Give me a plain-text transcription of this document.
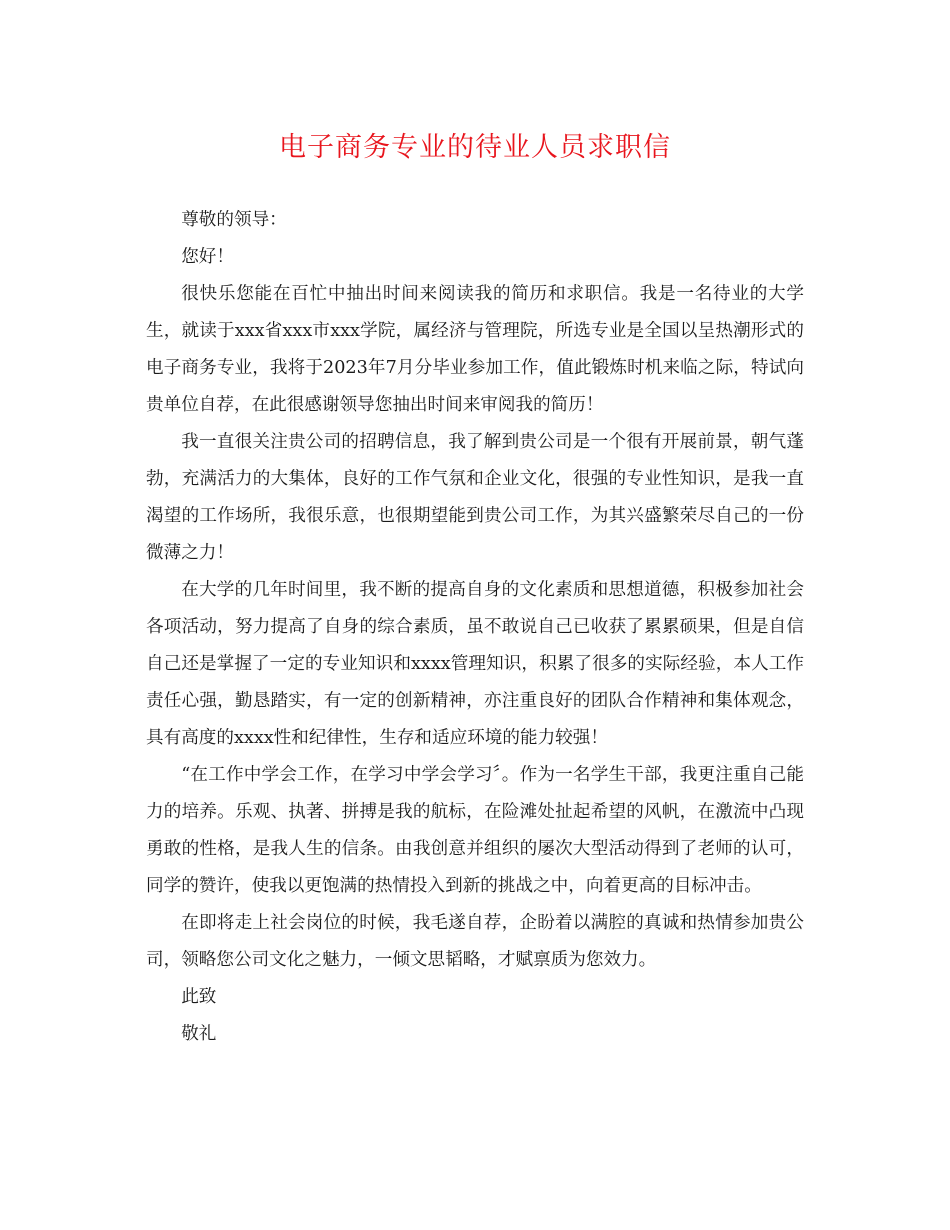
电子商务专业的待业人员求职信

尊敬的领导：

您好！

很快乐您能在百忙中抽出时间来阅读我的简历和求职信。我是一名待业的大学生，就读于xxx省xxx市xxx学院，属经济与管理院，所选专业是全国以呈热潮形式的电子商务专业，我将于2023年7月分毕业参加工作，值此锻炼时机来临之际，特试向贵单位自荐，在此很感谢领导您抽出时间来审阅我的简历！

我一直很关注贵公司的招聘信息，我了解到贵公司是一个很有开展前景，朝气蓬勃，充满活力的大集体，良好的工作气氛和企业文化，很强的专业性知识，是我一直渴望的工作场所，我很乐意，也很期望能到贵公司工作，为其兴盛繁荣尽自己的一份微薄之力！

在大学的几年时间里，我不断的提高自身的文化素质和思想道德，积极参加社会各项活动，努力提高了自身的综合素质，虽不敢说自己已收获了累累硕果，但是自信自己还是掌握了一定的专业知识和xxxx管理知识，积累了很多的实际经验，本人工作责任心强，勤恳踏实，有一定的创新精神，亦注重良好的团队合作精神和集体观念，具有高度的xxxx性和纪律性，生存和适应环境的能力较强！

“在工作中学会工作，在学习中学会学习〞。作为一名学生干部，我更注重自己能力的培养。乐观、执著、拼搏是我的航标，在险滩处扯起希望的风帆，在激流中凸现勇敢的性格，是我人生的信条。由我创意并组织的屡次大型活动得到了老师的认可，同学的赞许，使我以更饱满的热情投入到新的挑战之中，向着更高的目标冲击。

在即将走上社会岗位的时候，我毛遂自荐，企盼着以满腔的真诚和热情参加贵公司，领略您公司文化之魅力，一倾文思韬略，才赋禀质为您效力。

此致

敬礼
